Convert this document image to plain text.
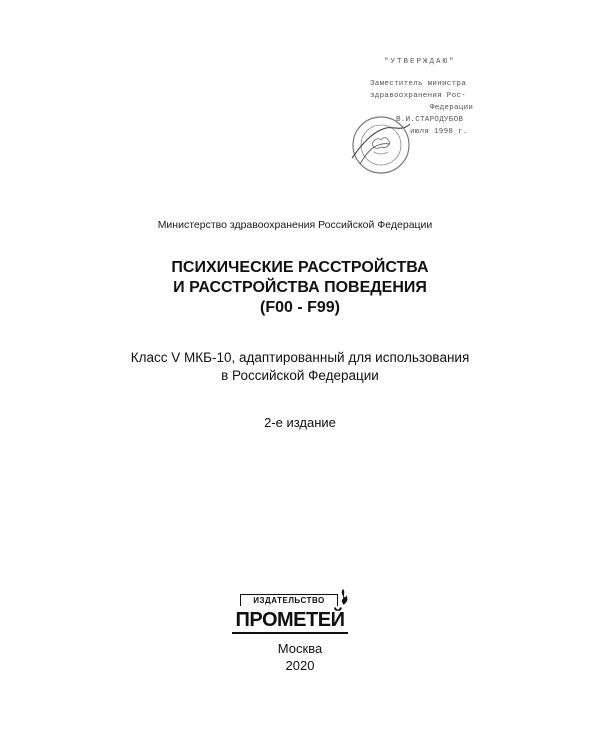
"УТВЕРЖДАЮ"
Заместитель министра
здравоохранения Рос-
Федерации
В.И.СТАРОДУБОВ
июля 1998 г.
Министерство здравоохранения Российской Федерации
ПСИХИЧЕСКИЕ РАССТРОЙСТВА
И РАССТРОЙСТВА ПОВЕДЕНИЯ
(F00 - F99)
Класс V МКБ-10, адаптированный для использования
в Российской Федерации
2-е издание
ИЗДАТЕЛЬСТВО
ПРОМЕТЕЙ
Москва
2020
